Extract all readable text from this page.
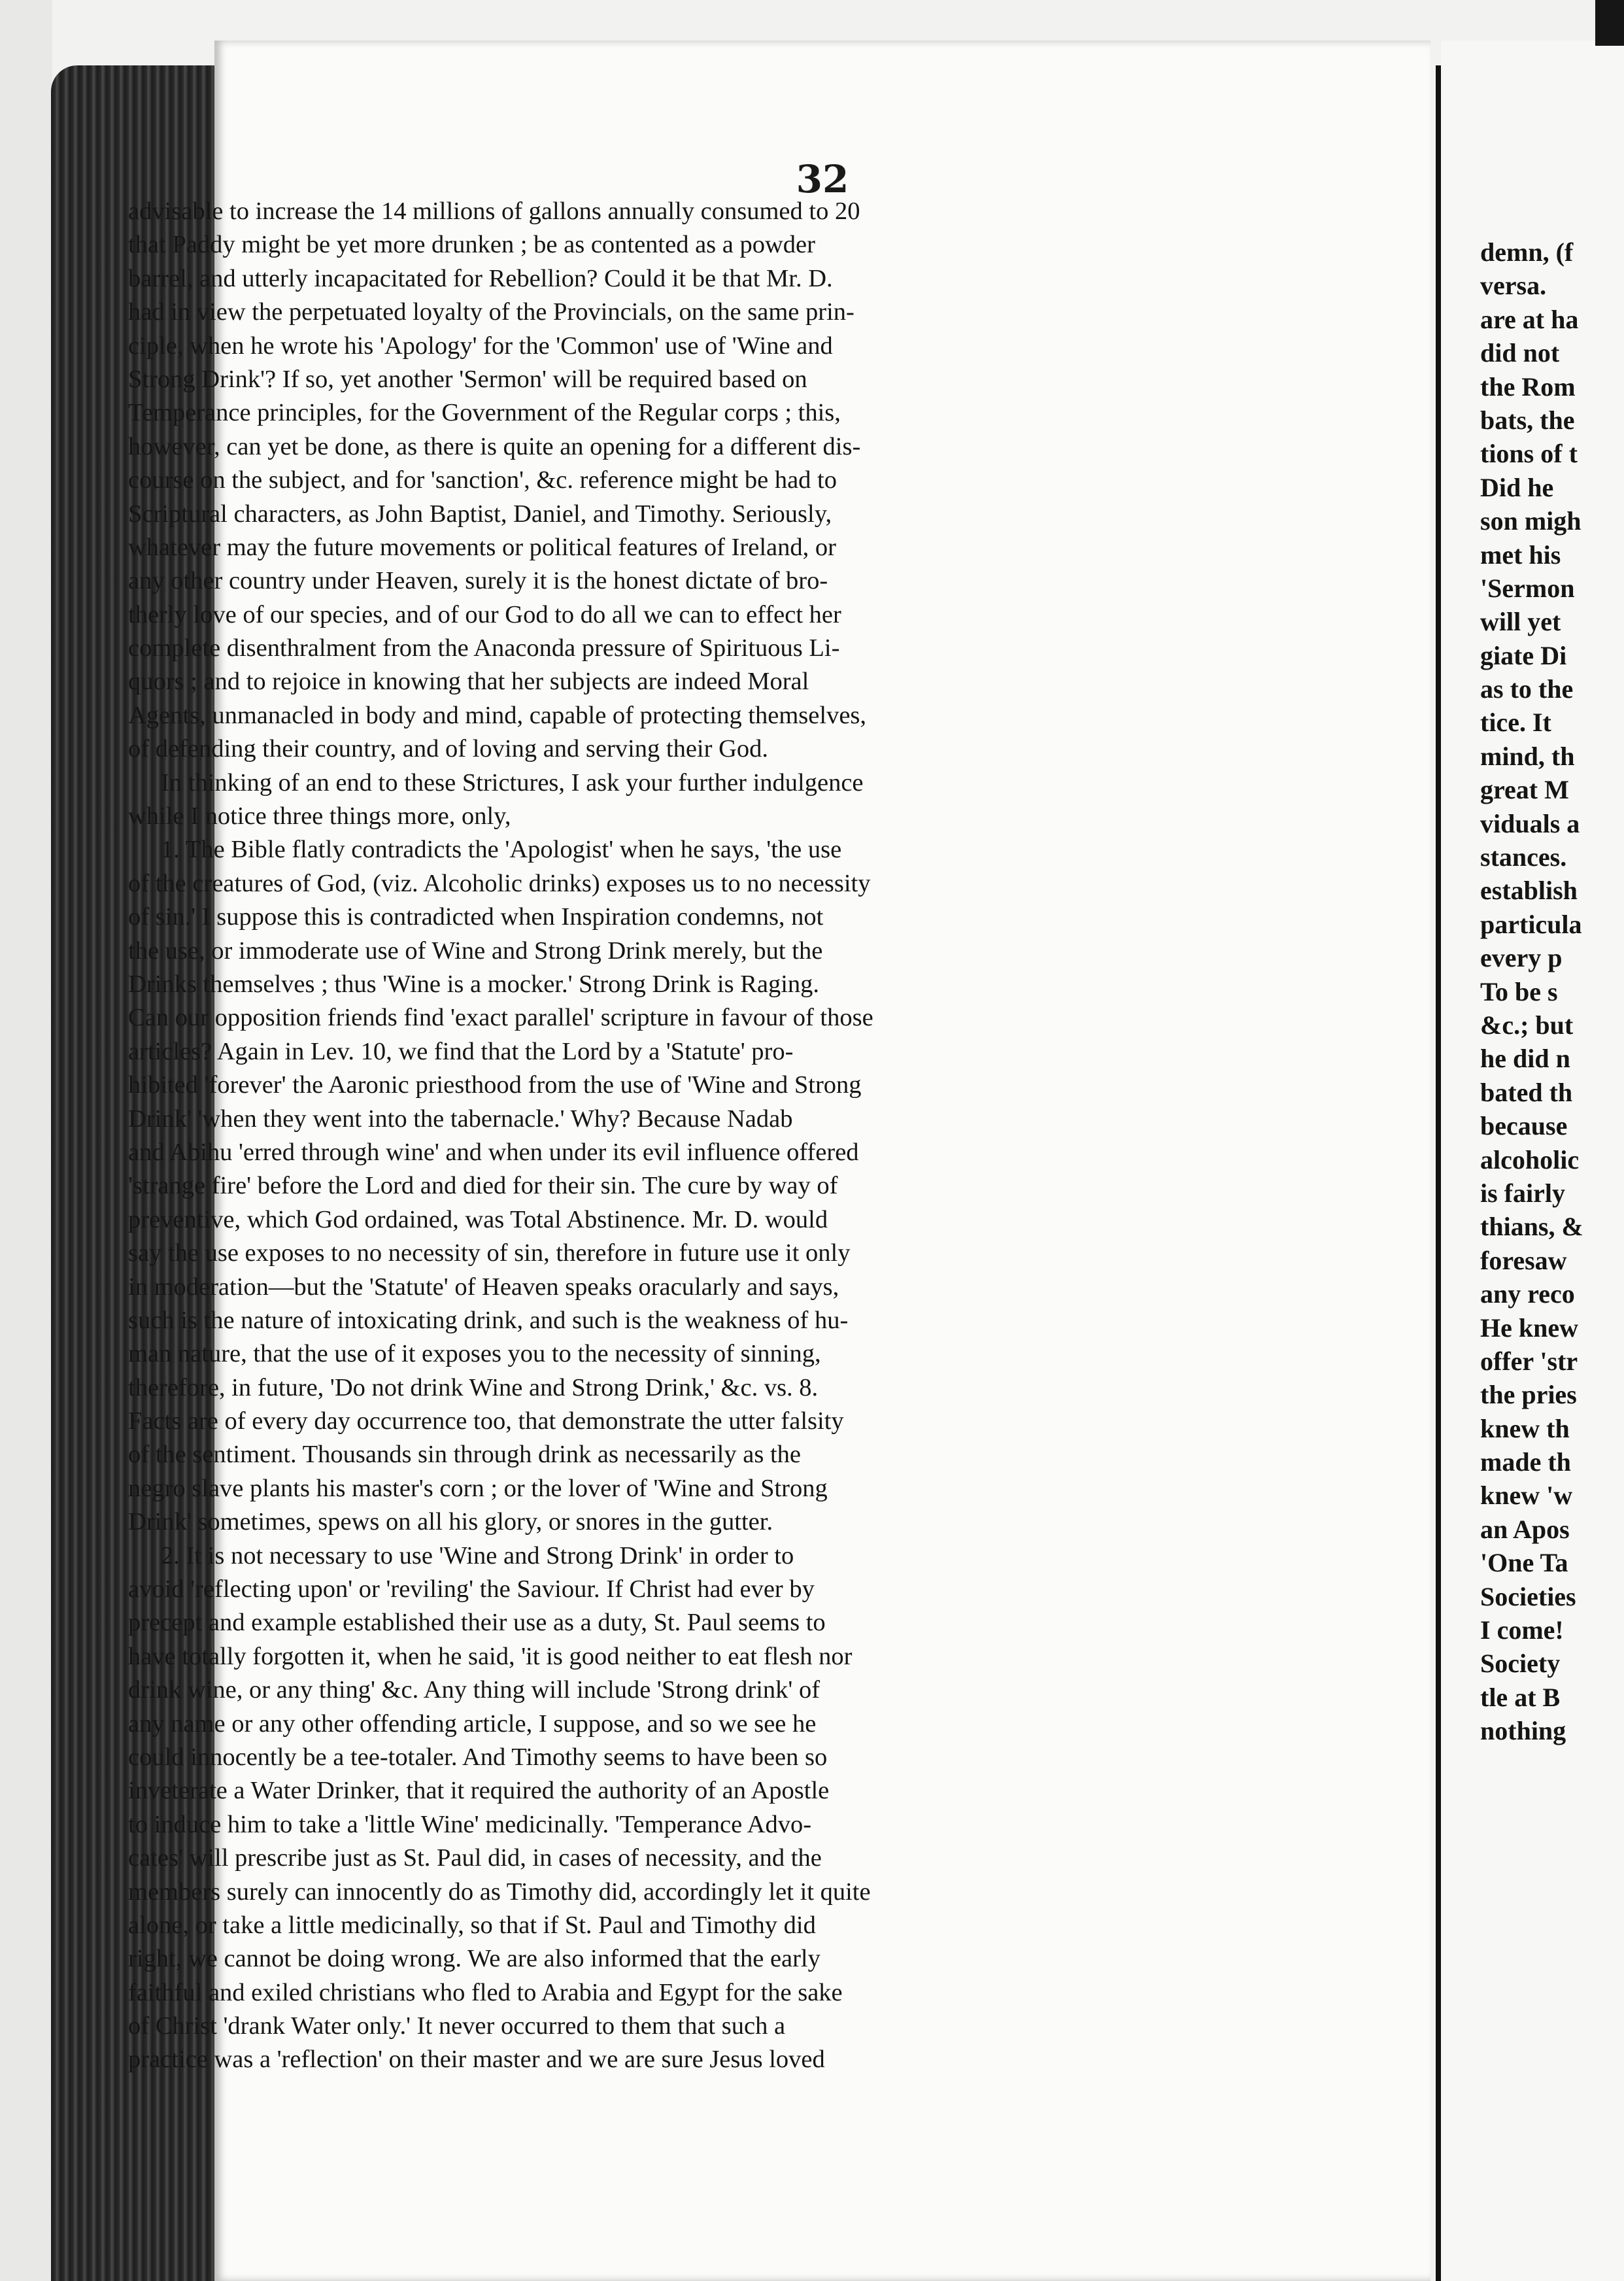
32
advisable to increase the 14 millions of gallons annually consumed to 20
that Paddy might be yet more drunken ; be as contented as a powder
barrel, and utterly incapacitated for Rebellion? Could it be that Mr. D.
had in view the perpetuated loyalty of the Provincials, on the same prin-
ciple, when he wrote his 'Apology' for the 'Common' use of 'Wine and
Strong Drink'? If so, yet another 'Sermon' will be required based on
Temperance principles, for the Government of the Regular corps ; this,
however, can yet be done, as there is quite an opening for a different dis-
course on the subject, and for 'sanction', &c. reference might be had to
Scriptural characters, as John Baptist, Daniel, and Timothy. Seriously,
whatever may the future movements or political features of Ireland, or
any other country under Heaven, surely it is the honest dictate of bro-
therly love of our species, and of our God to do all we can to effect her
complete disenthralment from the Anaconda pressure of Spirituous Li-
quors ; and to rejoice in knowing that her subjects are indeed Moral
Agents, unmanacled in body and mind, capable of protecting themselves,
of defending their country, and of loving and serving their God.
In thinking of an end to these Strictures, I ask your further indulgence
while I notice three things more, only,
1. The Bible flatly contradicts the 'Apologist' when he says, 'the use
of the creatures of God, (viz. Alcoholic drinks) exposes us to no necessity
of sin.' I suppose this is contradicted when Inspiration condemns, not
the use, or immoderate use of Wine and Strong Drink merely, but the
Drinks themselves ; thus 'Wine is a mocker.' Strong Drink is Raging.
Can our opposition friends find 'exact parallel' scripture in favour of those
articles? Again in Lev. 10, we find that the Lord by a 'Statute' pro-
hibited 'forever' the Aaronic priesthood from the use of 'Wine and Strong
Drink' 'when they went into the tabernacle.' Why? Because Nadab
and Abihu 'erred through wine' and when under its evil influence offered
'strange fire' before the Lord and died for their sin. The cure by way of
preventive, which God ordained, was Total Abstinence. Mr. D. would
say the use exposes to no necessity of sin, therefore in future use it only
in moderation—but the 'Statute' of Heaven speaks oracularly and says,
such is the nature of intoxicating drink, and such is the weakness of hu-
man nature, that the use of it exposes you to the necessity of sinning,
therefore, in future, 'Do not drink Wine and Strong Drink,' &c. vs. 8.
Facts are of every day occurrence too, that demonstrate the utter falsity
of the sentiment. Thousands sin through drink as necessarily as the
negro slave plants his master's corn ; or the lover of 'Wine and Strong
Drink' sometimes, spews on all his glory, or snores in the gutter.
2. It is not necessary to use 'Wine and Strong Drink' in order to
avoid 'reflecting upon' or 'reviling' the Saviour. If Christ had ever by
precept and example established their use as a duty, St. Paul seems to
have totally forgotten it, when he said, 'it is good neither to eat flesh nor
drink wine, or any thing' &c. Any thing will include 'Strong drink' of
any name or any other offending article, I suppose, and so we see he
could innocently be a tee-totaler. And Timothy seems to have been so
inveterate a Water Drinker, that it required the authority of an Apostle
to induce him to take a 'little Wine' medicinally. 'Temperance Advo-
cates' will prescribe just as St. Paul did, in cases of necessity, and the
members surely can innocently do as Timothy did, accordingly let it quite
alone, or take a little medicinally, so that if St. Paul and Timothy did
right, we cannot be doing wrong. We are also informed that the early
faithful and exiled christians who fled to Arabia and Egypt for the sake
of Christ 'drank Water only.' It never occurred to them that such a
practice was a 'reflection' on their master and we are sure Jesus loved
demn, (f
versa.
are at ha
did not
the Rom
bats, the
tions of t
Did he
son migh
met his
'Sermon
will yet
giate Di
as to the
tice. It
mind, th
great M
viduals a
stances.
establish
particula
every p
To be s
&c.; but
he did n
bated th
because
alcoholic
is fairly
thians, &
foresaw
any reco
He knew
offer 'str
the pries
knew th
made th
knew 'w
an Apos
'One Ta
Societies
I come!
Society
tle at B
nothing
